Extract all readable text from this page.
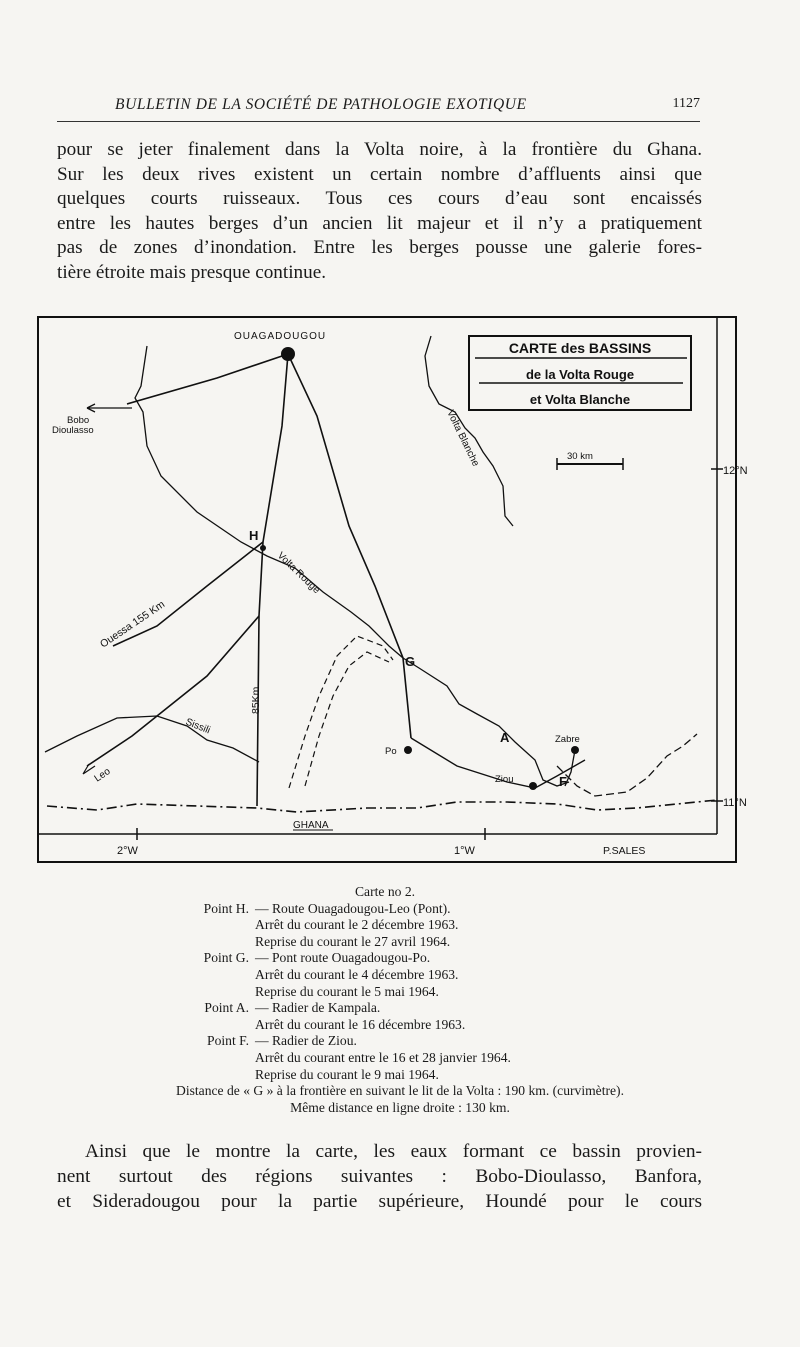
BULLETIN DE LA SOCIÉTÉ DE PATHOLOGIE EXOTIQUE	1127
pour se jeter finalement dans la Volta noire, à la frontière du Ghana.
Sur les deux rives existent un certain nombre d’affluents ainsi que
quelques courts ruisseaux. Tous ces cours d’eau sont encaissés
entre les hautes berges d’un ancien lit majeur et il n’y a pratiquement
pas de zones d’inondation. Entre les berges pousse une galerie fores-
tière étroite mais presque continue.
12°N
11°N
2°W	1°W	P.SALES
CARTE des BASSINS
de la Volta Rouge
et Volta Blanche
30 km
OUAGADOUGOU
Bobo
Dioulasso
GHANA
H
G
A
F
Po
Ziou
Zabre
Volta Blanche
Volta Rouge
Sissili
Ouessa 155 Km
Leo
85Km
Carte no 2.
Point H. — Route Ouagadougou-Leo (Pont).
Arrêt du courant le 2 décembre 1963.
Reprise du courant le 27 avril 1964.
Point G. — Pont route Ouagadougou-Po.
Arrêt du courant le 4 décembre 1963.
Reprise du courant le 5 mai 1964.
Point A. — Radier de Kampala.
Arrêt du courant le 16 décembre 1963.
Point F. — Radier de Ziou.
Arrêt du courant entre le 16 et 28 janvier 1964.
Reprise du courant le 9 mai 1964.
Distance de « G » à la frontière en suivant le lit de la Volta : 190 km. (curvimètre).
Même distance en ligne droite : 130 km.
Ainsi que le montre la carte, les eaux formant ce bassin provien-
nent surtout des régions suivantes : Bobo-Dioulasso, Banfora,
et Sideradougou pour la partie supérieure, Houndé pour le cours
